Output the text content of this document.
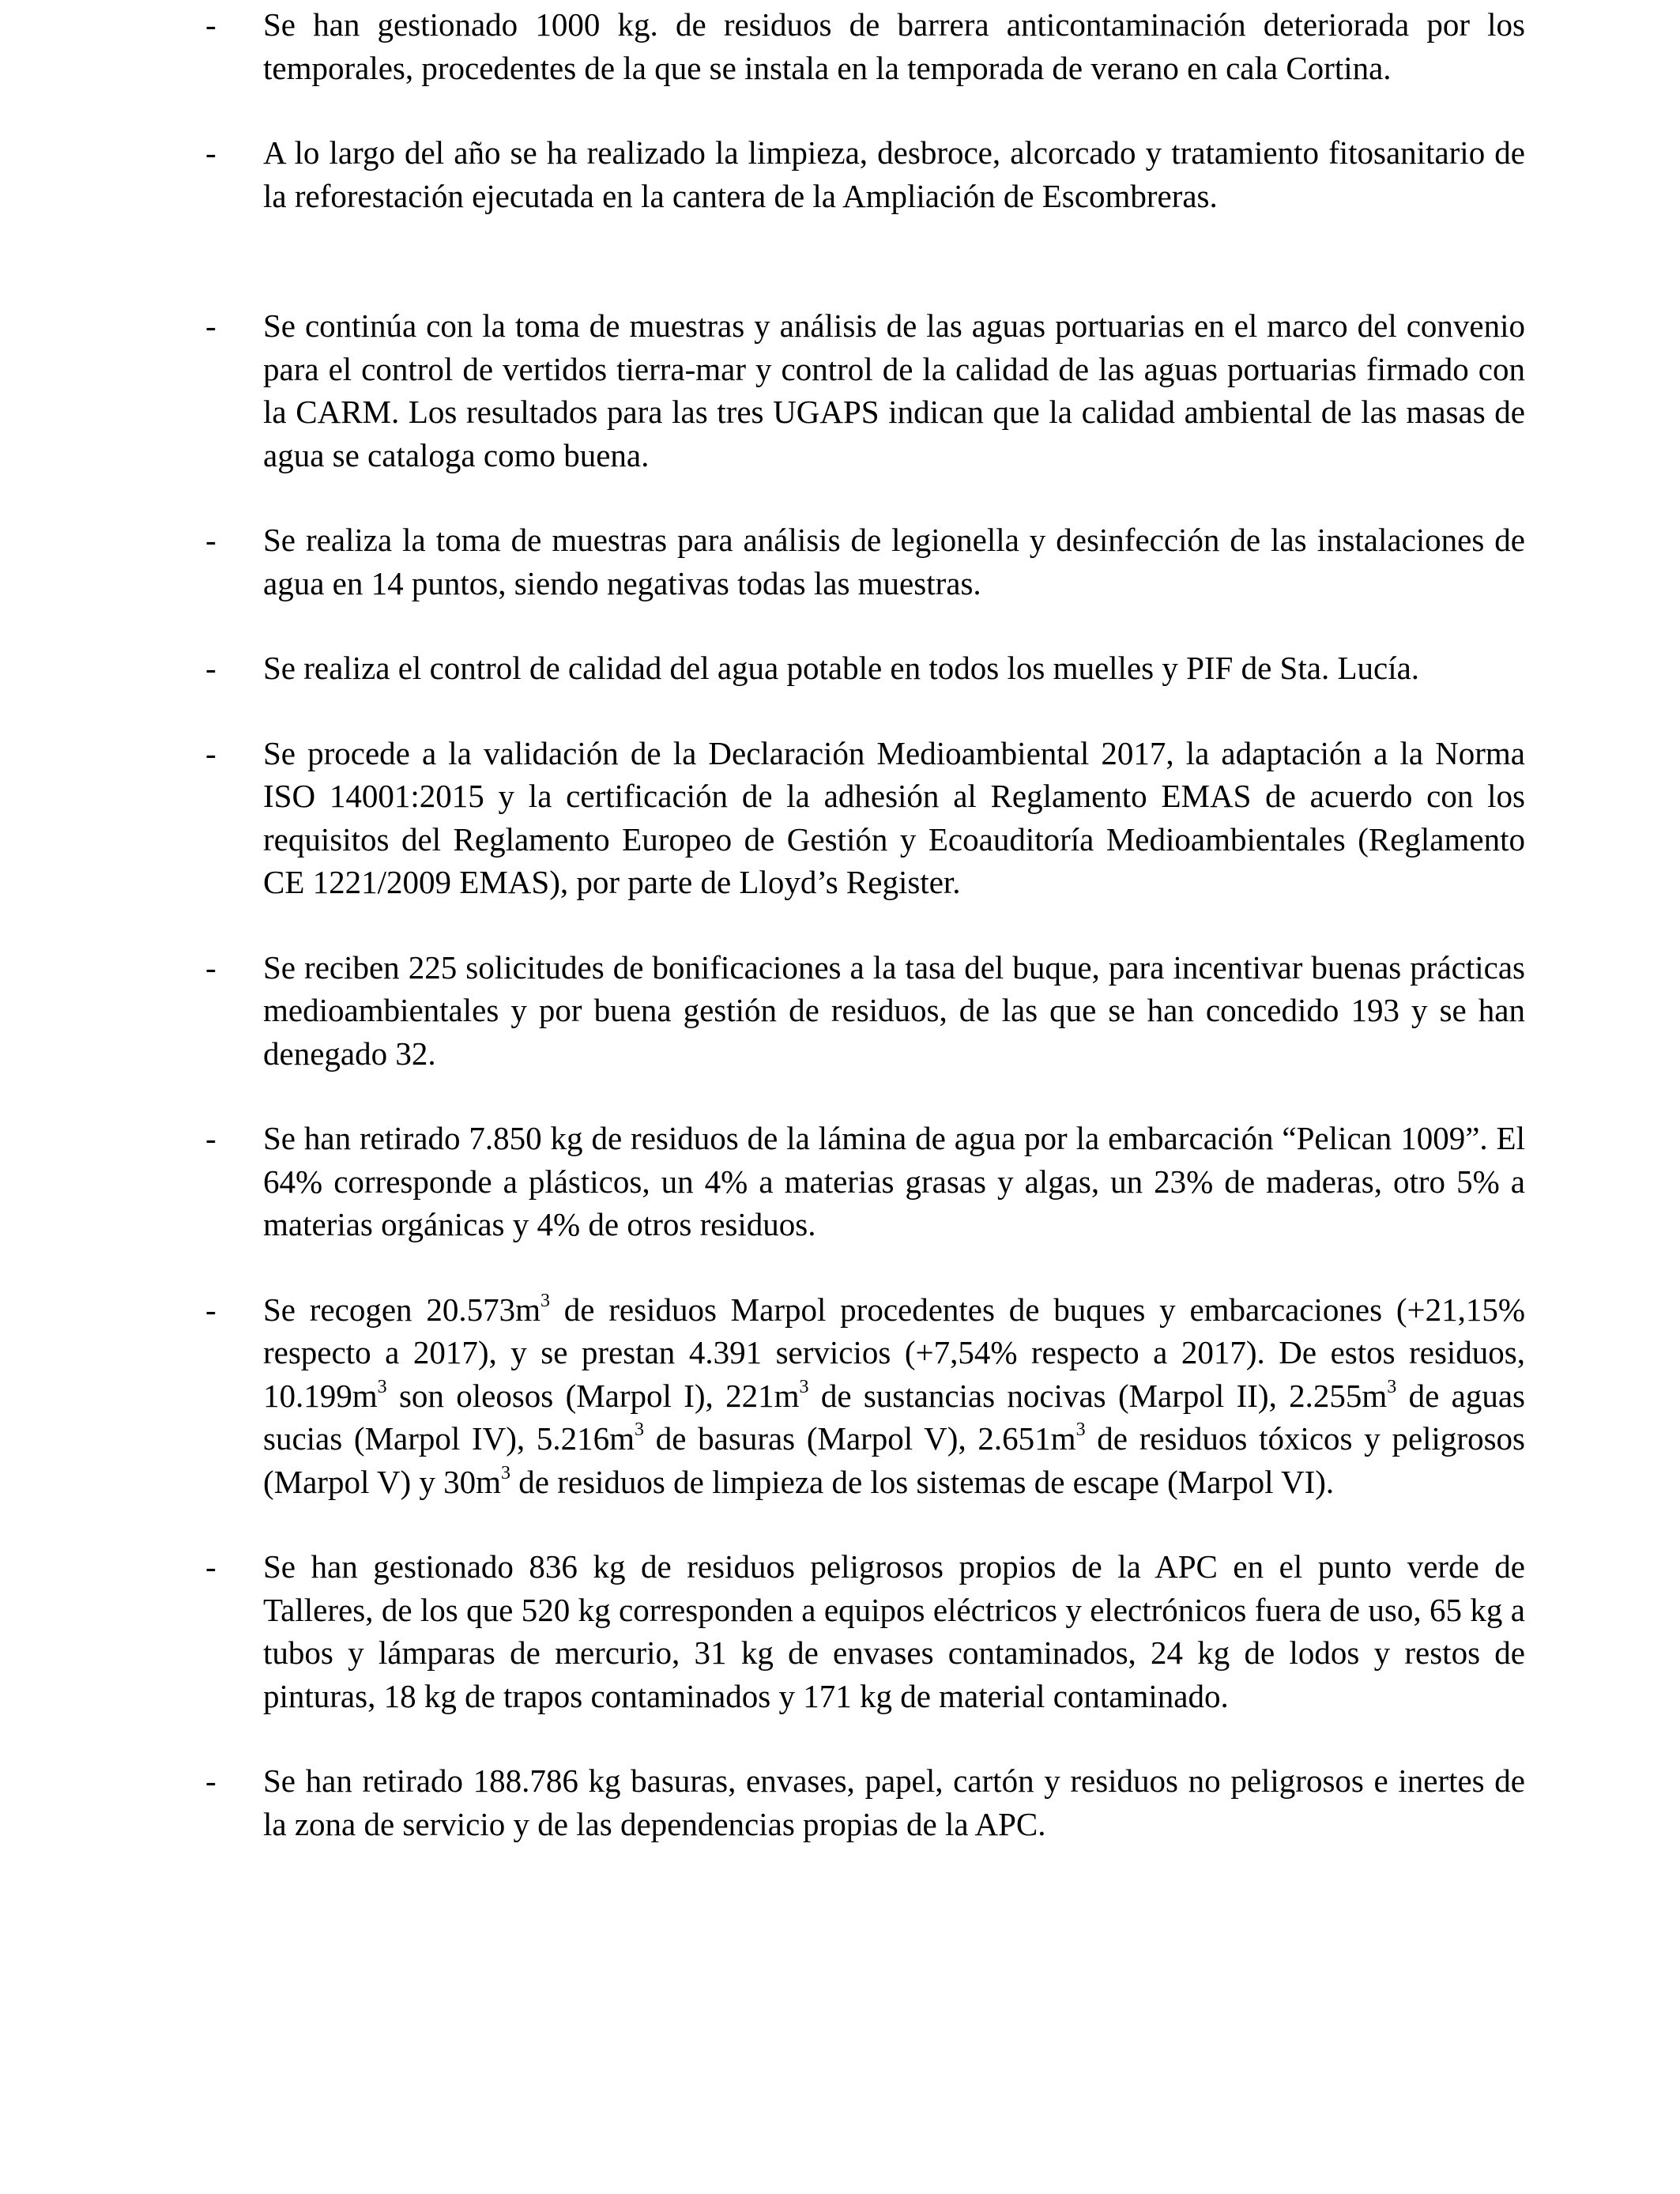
- Se han gestionado 1000 kg. de residuos de barrera anticontaminación deteriorada por los temporales, procedentes de la que se instala en la temporada de verano en cala Cortina.
- A lo largo del año se ha realizado la limpieza, desbroce, alcorcado y tratamiento fitosanitario de la reforestación ejecutada en la cantera de la Ampliación de Escombreras.
- Se continúa con la toma de muestras y análisis de las aguas portuarias en el marco del convenio para el control de vertidos tierra-mar y control de la calidad de las aguas portuarias firmado con la CARM. Los resultados para las tres UGAPS indican que la calidad ambiental de las masas de agua se cataloga como buena.
- Se realiza la toma de muestras para análisis de legionella y desinfección de las instalaciones de agua en 14 puntos, siendo negativas todas las muestras.
- Se realiza el control de calidad del agua potable en todos los muelles y PIF de Sta. Lucía.
- Se procede a la validación de la Declaración Medioambiental 2017, la adaptación a la Norma ISO 14001:2015 y la certificación de la adhesión al Reglamento EMAS de acuerdo con los requisitos del Reglamento Europeo de Gestión y Ecoauditoría Medioambientales (Reglamento CE 1221/2009 EMAS), por parte de Lloyd’s Register.
- Se reciben 225 solicitudes de bonificaciones a la tasa del buque, para incentivar buenas prácticas medioambientales y por buena gestión de residuos, de las que se han concedido 193 y se han denegado 32.
- Se han retirado 7.850 kg de residuos de la lámina de agua por la embarcación “Pelican 1009”. El 64% corresponde a plásticos, un 4% a materias grasas y algas, un 23% de maderas, otro 5% a materias orgánicas y 4% de otros residuos.
- Se recogen $20.573m^3$ de residuos Marpol procedentes de buques y embarcaciones (+21,15% respecto a 2017), y se prestan 4.391 servicios (+7,54% respecto a 2017). De estos residuos, $10.199m^3$ son oleosos (Marpol I), $221m^3$ de sustancias nocivas (Marpol II), $2.255m^3$ de aguas sucias (Marpol IV), $5.216m^3$ de basuras (Marpol V), $2.651m^3$ de residuos tóxicos y peligrosos (Marpol V) y $30m^3$ de residuos de limpieza de los sistemas de escape (Marpol VI).
- Se han gestionado 836 kg de residuos peligrosos propios de la APC en el punto verde de Talleres, de los que 520 kg corresponden a equipos eléctricos y electrónicos fuera de uso, 65 kg a tubos y lámparas de mercurio, 31 kg de envases contaminados, 24 kg de lodos y restos de pinturas, 18 kg de trapos contaminados y 171 kg de material contaminado.
- Se han retirado 188.786 kg basuras, envases, papel, cartón y residuos no peligrosos e inertes de la zona de servicio y de las dependencias propias de la APC.
